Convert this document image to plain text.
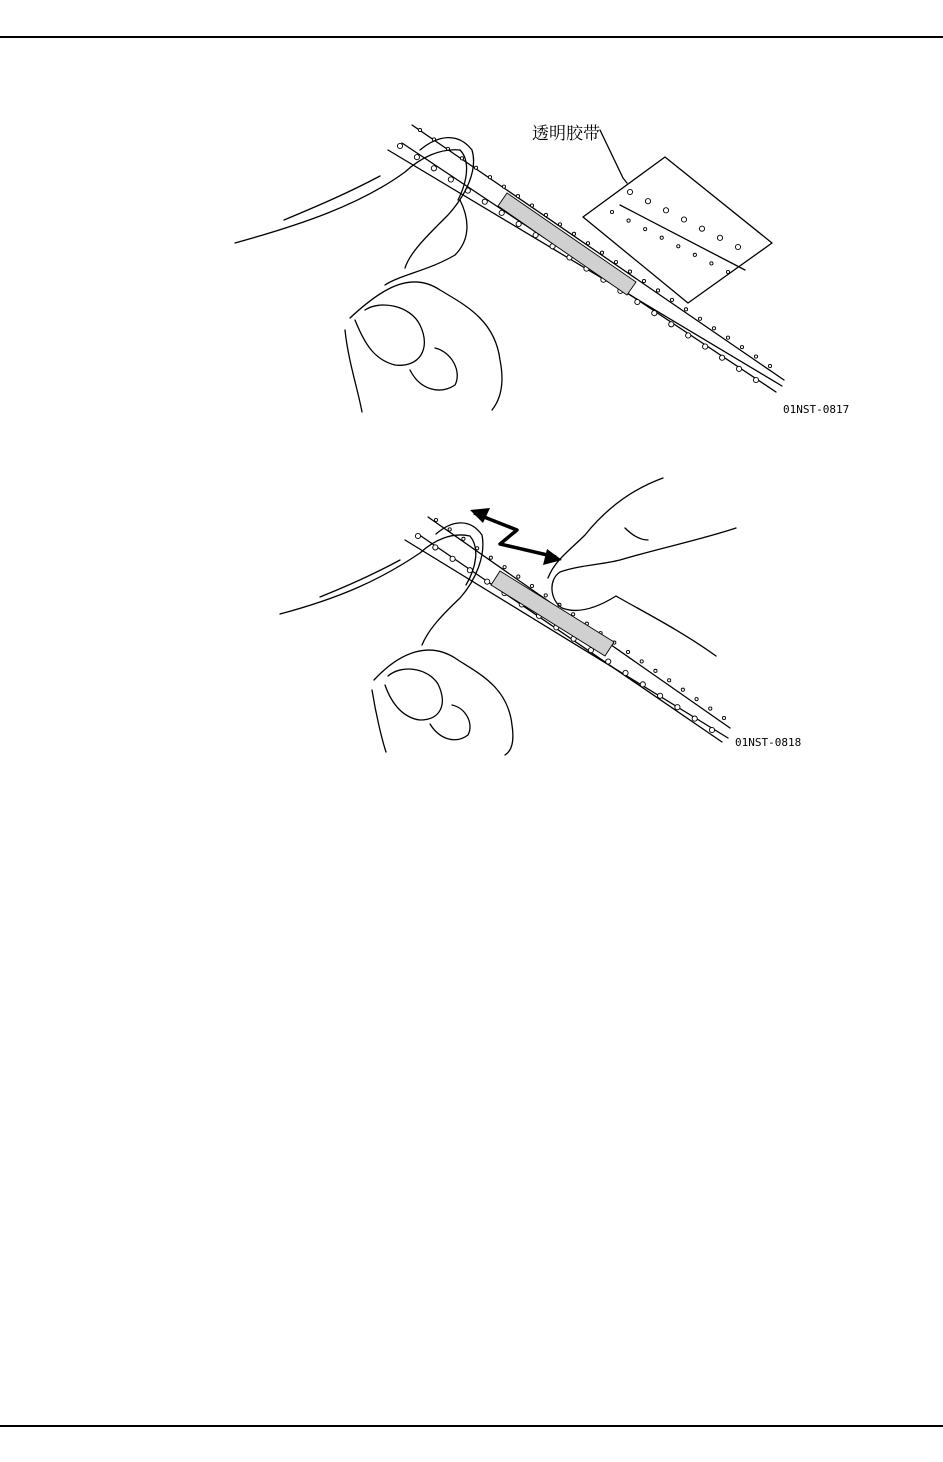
透明胶带
01NST-0817
01NST-0818
